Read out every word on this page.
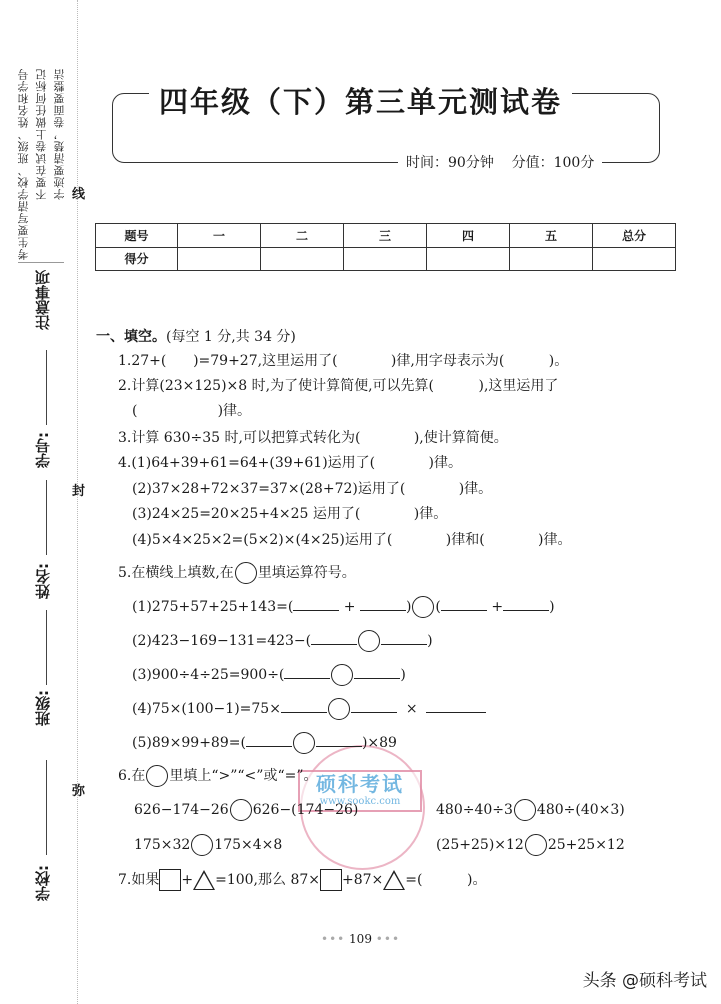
考生要写清学校、班级、姓名和学号 不要在试卷上做任何标记 字迹要清楚，卷面要整洁
注意事项
学号:
姓名:
班级:
学校:
线
封
弥
四年级（下）第三单元测试卷
时间：90分钟    分值：100分
题号	一	二	三	四	五	总分
得分						
硕科考试
www.sookc.com
一、填空。(每空 1 分,共 34 分)
1.27+(      )=79+27,这里运用了(            )律,用字母表示为(          )。
2.计算(23×125)×8 时,为了使计算简便,可以先算(          ),这里运用了
(                  )律。
3.计算 630÷35 时,可以把算式转化为(            ),使计算简便。
4.(1)64+39+61=64+(39+61)运用了(            )律。
(2)37×28+72×37=37×(28+72)运用了(            )律。
(3)24×25=20×25+4×25 运用了(            )律。
(4)5×4×25×2=(5×2)×(4×25)运用了(            )律和(            )律。
5.在横线上填数,在 里填运算符号。
(1)275+57+25+143=(	+	) (	+	)
(2)423−169−131=423−(	)
(3)900÷4÷25=900÷(	)
(4)75×(100−1)=75×	×
(5)89×99+89=(	)×89
6.在 里填上“>”“<”或“=”。
626−174−26 626−(174−26)	480÷40÷3 480÷(40×3)
175×32 175×4×8	(25+25)×12 25+25×12
7.如果 + =100,那么 87× +87× =(          )。
••• 109 •••
头条 @硕科考试
